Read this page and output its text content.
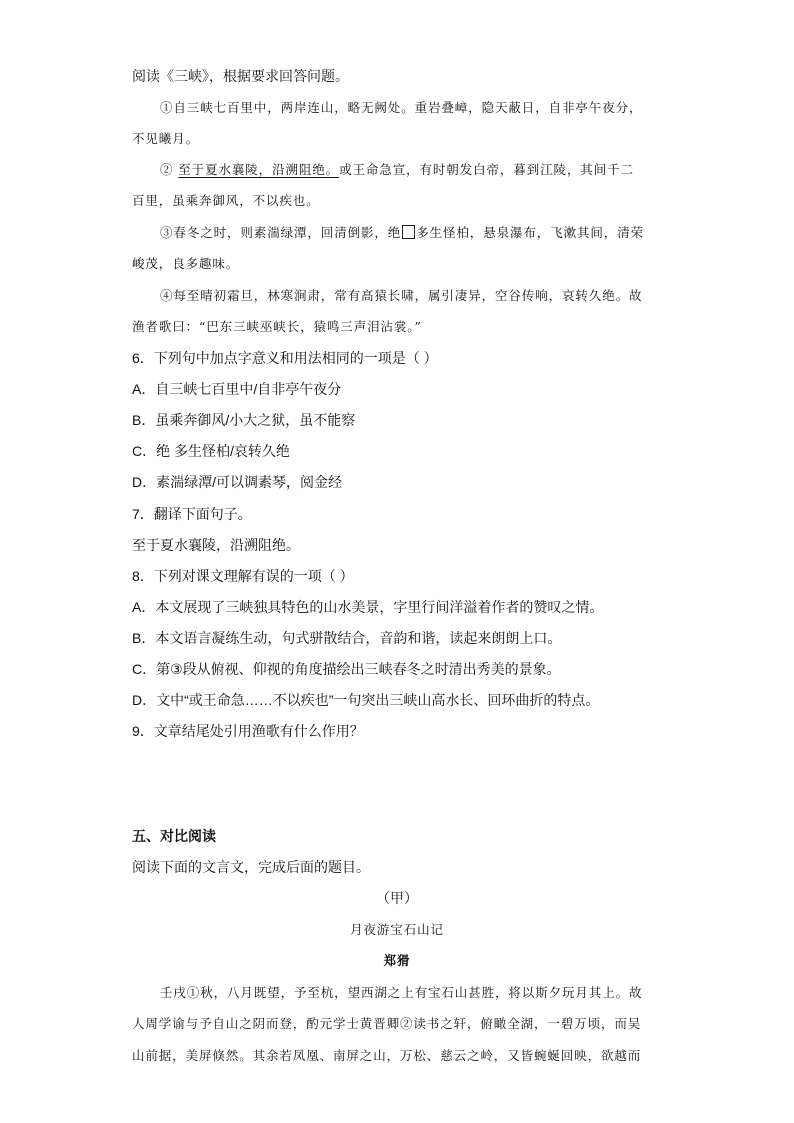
阅读《三峡》，根据要求回答问题。
①自三峡七百里中，两岸连山，略无阙处。重岩叠嶂，隐天蔽日，自非亭午夜分，
不见曦月。
② 至于夏水襄陵，沿溯阻绝。或王命急宣，有时朝发白帝，暮到江陵，其间千二
百里，虽乘奔御风，不以疾也。
③春冬之时，则素湍绿潭，回清倒影，绝 多生怪柏，悬泉瀑布，飞漱其间，清荣
峻茂，良多趣味。
④每至晴初霜旦，林寒涧肃，常有高猿长啸，属引凄异，空谷传响，哀转久绝。故
渔者歌曰：“巴东三峡巫峡长，猿鸣三声泪沾裳。”
6．下列句中加点字意义和用法相同的一项是（ ）
A．自三峡七百里中/自非亭午夜分
B．虽乘奔御风/小大之狱，虽不能察
C．绝 多生怪柏/哀转久绝
D．素湍绿潭/可以调素琴，阅金经
7．翻译下面句子。
至于夏水襄陵，沿溯阻绝。
8．下列对课文理解有误的一项（ ）
A．本文展现了三峡独具特色的山水美景，字里行间洋溢着作者的赞叹之情。
B．本文语言凝练生动，句式骈散结合，音韵和谐，读起来朗朗上口。
C．第③段从俯视、仰视的角度描绘出三峡春冬之时清出秀美的景象。
D．文中“或王命急……不以疾也”一句突出三峡山高水长、回环曲折的特点。
9．文章结尾处引用渔歌有什么作用？
五、对比阅读
阅读下面的文言文，完成后面的题目。
（甲）
月夜游宝石山记
郑猾
壬戌①秋，八月既望，予至杭，望西湖之上有宝石山甚胜，将以斯夕玩月其上。故
人周学谕与予自山之阴而登，酌元学士黄晋卿②读书之轩，俯瞰全湖，一碧万顷，而吴
山前据，美屏倏然。其余若凤凰、南屏之山，万松、慈云之岭，又皆蜿蜒回映，欲越而
